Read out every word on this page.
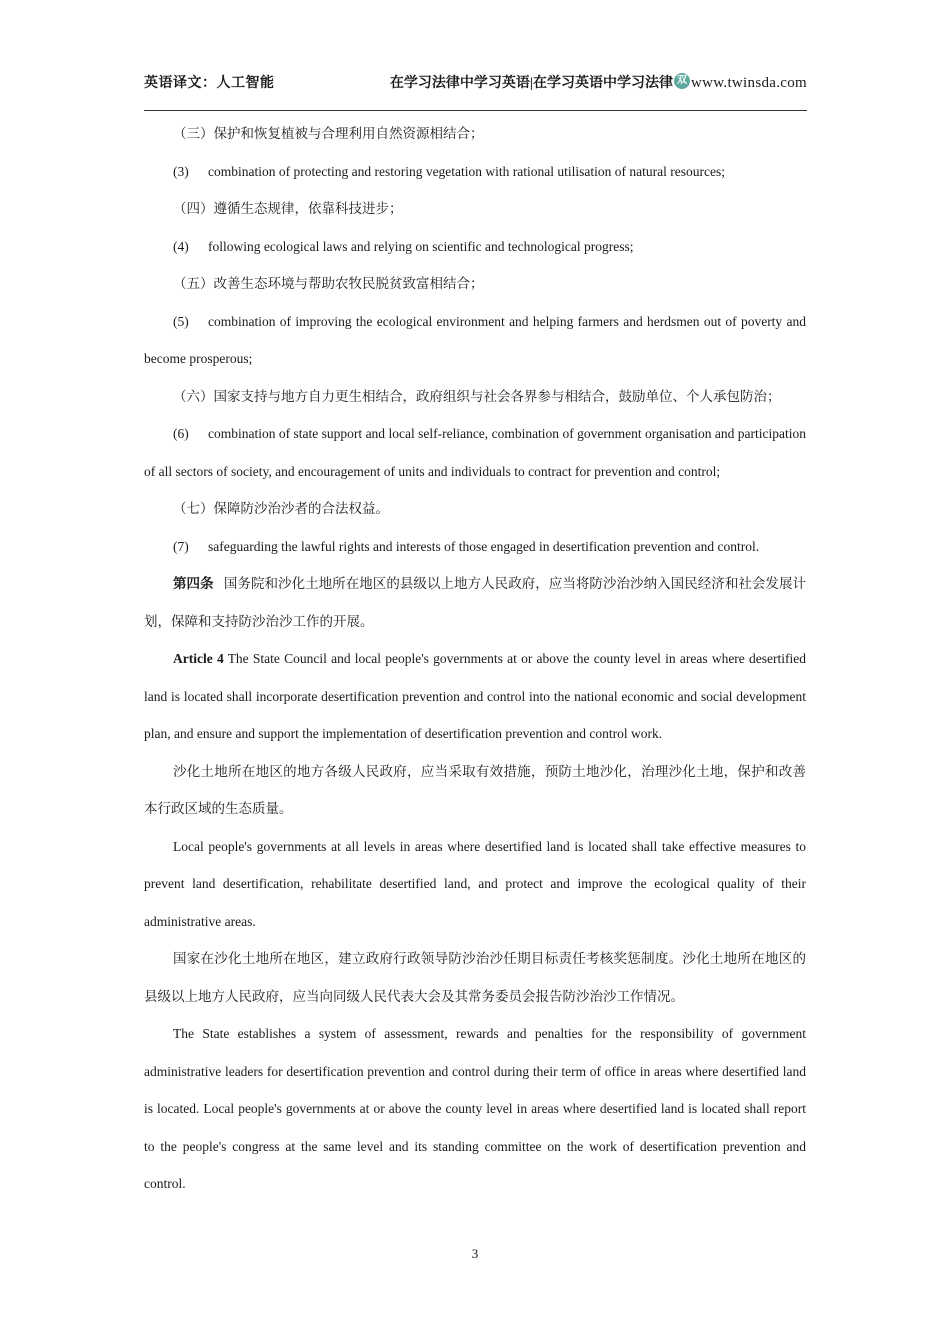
英语译文：人工智能	在学习法律中学习英语|在学习英语中学习法律 双 www.twinsda.com

（三）保护和恢复植被与合理利用自然资源相结合；

(3) combination of protecting and restoring vegetation with rational utilisation of natural resources;

（四）遵循生态规律，依靠科技进步；

(4) following ecological laws and relying on scientific and technological progress;

（五）改善生态环境与帮助农牧民脱贫致富相结合；

(5) combination of improving the ecological environment and helping farmers and herdsmen out of poverty and become prosperous;

（六）国家支持与地方自力更生相结合，政府组织与社会各界参与相结合，鼓励单位、个人承包防治；

(6) combination of state support and local self-reliance, combination of government organisation and participation of all sectors of society, and encouragement of units and individuals to contract for prevention and control;

（七）保障防沙治沙者的合法权益。

(7) safeguarding the lawful rights and interests of those engaged in desertification prevention and control.

第四条 国务院和沙化土地所在地区的县级以上地方人民政府，应当将防沙治沙纳入国民经济和社会发展计划，保障和支持防沙治沙工作的开展。

Article 4 The State Council and local people's governments at or above the county level in areas where desertified land is located shall incorporate desertification prevention and control into the national economic and social development plan, and ensure and support the implementation of desertification prevention and control work.

沙化土地所在地区的地方各级人民政府，应当采取有效措施，预防土地沙化，治理沙化土地，保护和改善本行政区域的生态质量。

Local people's governments at all levels in areas where desertified land is located shall take effective measures to prevent land desertification, rehabilitate desertified land, and protect and improve the ecological quality of their administrative areas.

国家在沙化土地所在地区，建立政府行政领导防沙治沙任期目标责任考核奖惩制度。沙化土地所在地区的县级以上地方人民政府，应当向同级人民代表大会及其常务委员会报告防沙治沙工作情况。

The State establishes a system of assessment, rewards and penalties for the responsibility of government administrative leaders for desertification prevention and control during their term of office in areas where desertified land is located. Local people's governments at or above the county level in areas where desertified land is located shall report to the people's congress at the same level and its standing committee on the work of desertification prevention and control.

3
